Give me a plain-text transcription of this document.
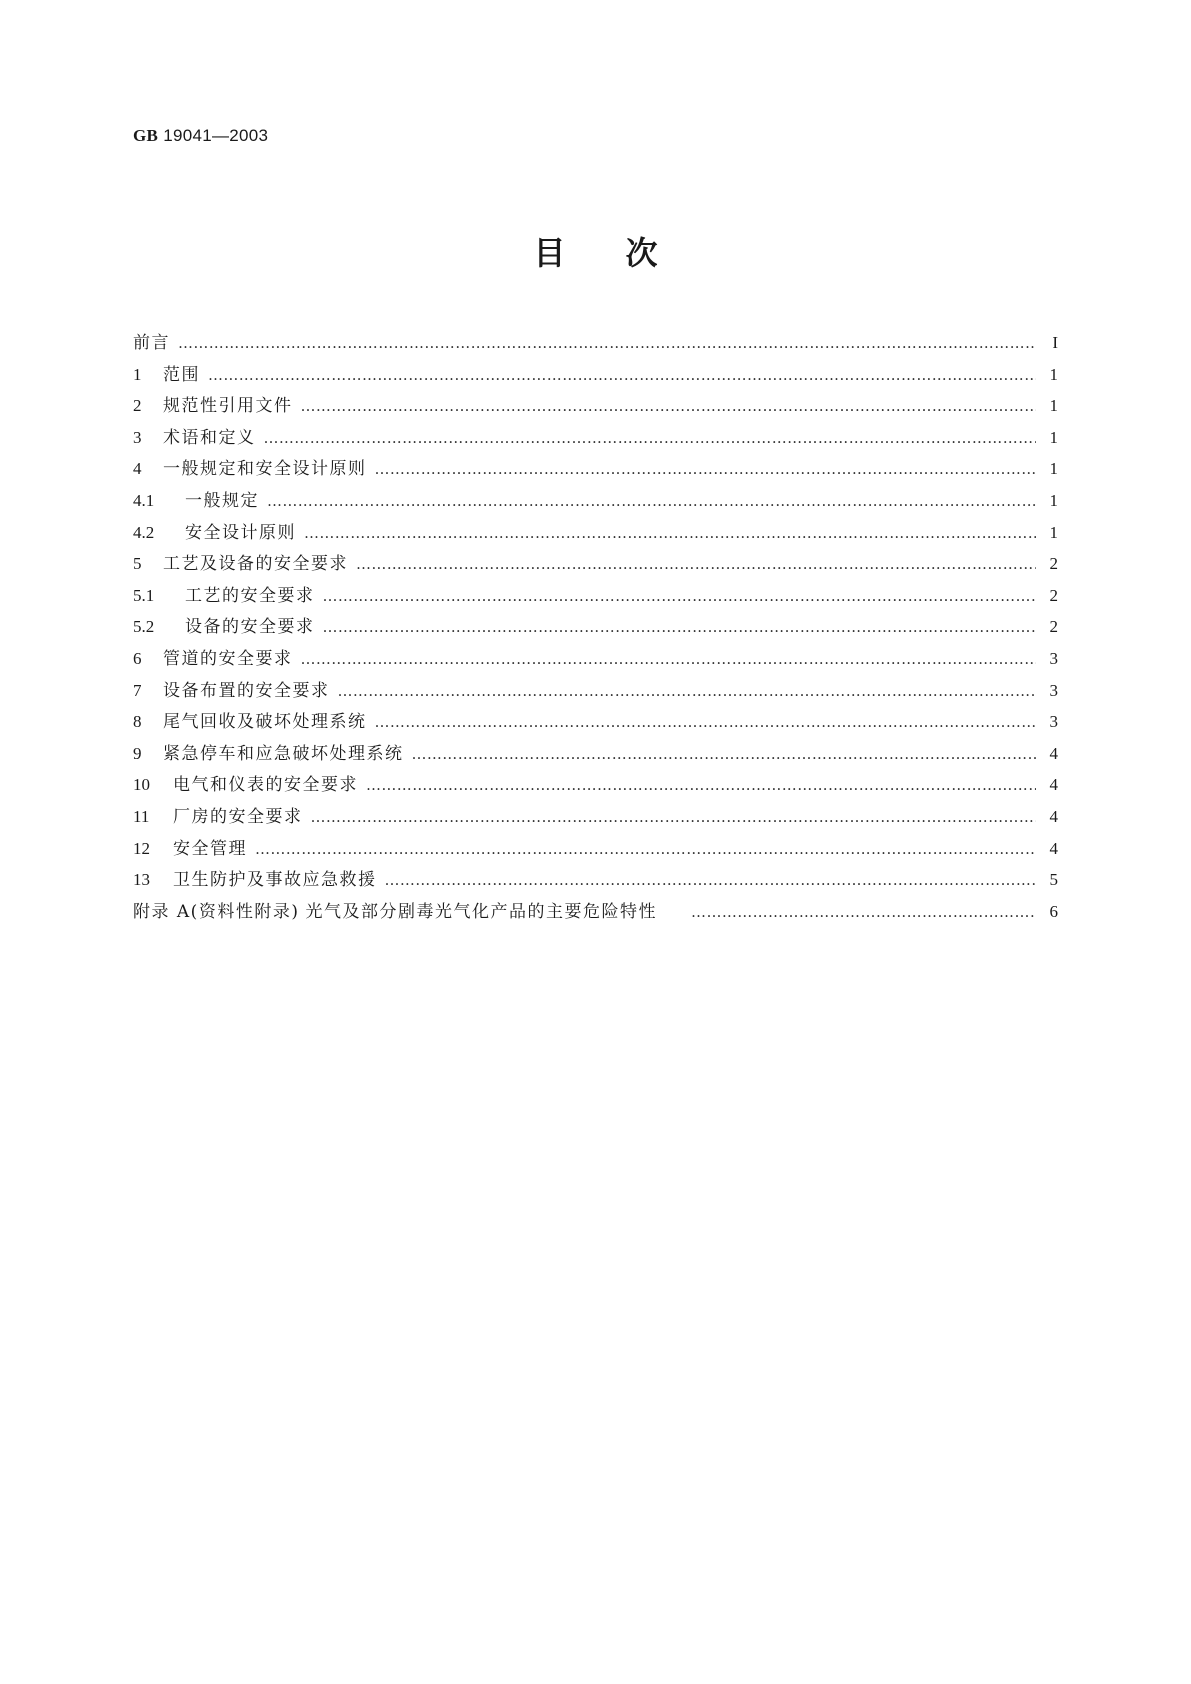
GB 19041—2003
目次
前言 …………………………………………………………………………………………………………………………………………………………………………………………………………………………………………………………………………………	I
1	范围 …………………………………………………………………………………………………………………………………………………………………………………………………………………………………………………………………………………	1
2	规范性引用文件 …………………………………………………………………………………………………………………………………………………………………………………………………………………………………………………………………………………	1
3	术语和定义 …………………………………………………………………………………………………………………………………………………………………………………………………………………………………………………………………………………	1
4	一般规定和安全设计原则 …………………………………………………………………………………………………………………………………………………………………………………………………………………………………………………………………………………	1
4.1	一般规定 …………………………………………………………………………………………………………………………………………………………………………………………………………………………………………………………………………………	1
4.2	安全设计原则 …………………………………………………………………………………………………………………………………………………………………………………………………………………………………………………………………………………	1
5	工艺及设备的安全要求 …………………………………………………………………………………………………………………………………………………………………………………………………………………………………………………………………………………	2
5.1	工艺的安全要求 …………………………………………………………………………………………………………………………………………………………………………………………………………………………………………………………………………………	2
5.2	设备的安全要求 …………………………………………………………………………………………………………………………………………………………………………………………………………………………………………………………………………………	2
6	管道的安全要求 …………………………………………………………………………………………………………………………………………………………………………………………………………………………………………………………………………………	3
7	设备布置的安全要求 …………………………………………………………………………………………………………………………………………………………………………………………………………………………………………………………………………………	3
8	尾气回收及破坏处理系统 …………………………………………………………………………………………………………………………………………………………………………………………………………………………………………………………………………………	3
9	紧急停车和应急破坏处理系统 …………………………………………………………………………………………………………………………………………………………………………………………………………………………………………………………………………………	4
10	电气和仪表的安全要求 …………………………………………………………………………………………………………………………………………………………………………………………………………………………………………………………………………………	4
11	厂房的安全要求 …………………………………………………………………………………………………………………………………………………………………………………………………………………………………………………………………………………	4
12	安全管理 …………………………………………………………………………………………………………………………………………………………………………………………………………………………………………………………………………………	4
13	卫生防护及事故应急救援 …………………………………………………………………………………………………………………………………………………………………………………………………………………………………………………………………………………	5
附录 A(资料性附录) 光气及部分剧毒光气化产品的主要危险特性 …………………………………………………………………………………………………………………………………………………………………………………………………………………………………………………………………………………	6
